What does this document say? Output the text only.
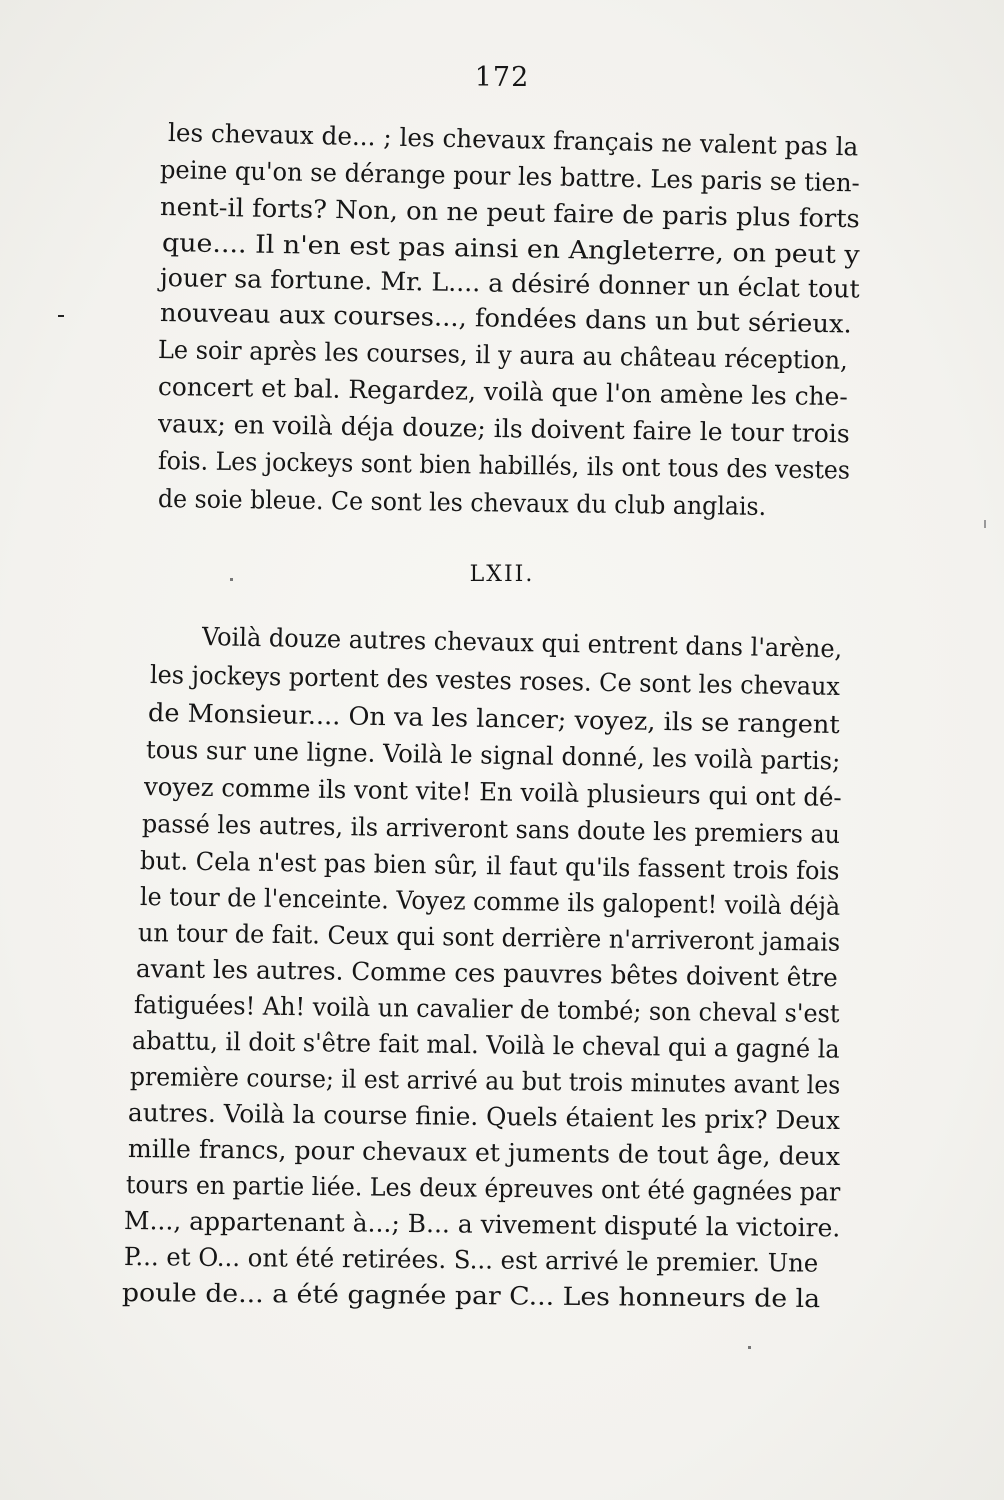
172
les chevaux de... ; les chevaux français ne valent pas la
peine qu'on se dérange pour les battre. Les paris se tien-
nent-il forts? Non, on ne peut faire de paris plus forts
que.... Il n'en est pas ainsi en Angleterre, on peut y
jouer sa fortune. Mr. L.... a désiré donner un éclat tout
nouveau aux courses..., fondées dans un but sérieux.
Le soir après les courses, il y aura au château réception,
concert et bal. Regardez, voilà que l'on amène les che-
vaux; en voilà déja douze; ils doivent faire le tour trois
fois. Les jockeys sont bien habillés, ils ont tous des vestes
de soie bleue. Ce sont les chevaux du club anglais.
LXII.
Voilà douze autres chevaux qui entrent dans l'arène,
les jockeys portent des vestes roses. Ce sont les chevaux
de Monsieur.... On va les lancer; voyez, ils se rangent
tous sur une ligne. Voilà le signal donné, les voilà partis;
voyez comme ils vont vite! En voilà plusieurs qui ont dé-
passé les autres, ils arriveront sans doute les premiers au
but. Cela n'est pas bien sûr, il faut qu'ils fassent trois fois
le tour de l'enceinte. Voyez comme ils galopent! voilà déjà
un tour de fait. Ceux qui sont derrière n'arriveront jamais
avant les autres. Comme ces pauvres bêtes doivent être
fatiguées! Ah! voilà un cavalier de tombé; son cheval s'est
abattu, il doit s'être fait mal. Voilà le cheval qui a gagné la
première course; il est arrivé au but trois minutes avant les
autres. Voilà la course finie. Quels étaient les prix? Deux
mille francs, pour chevaux et juments de tout âge, deux
tours en partie liée. Les deux épreuves ont été gagnées par
M..., appartenant à...; B... a vivement disputé la victoire.
P... et O... ont été retirées. S... est arrivé le premier. Une
poule de... a été gagnée par C... Les honneurs de la
